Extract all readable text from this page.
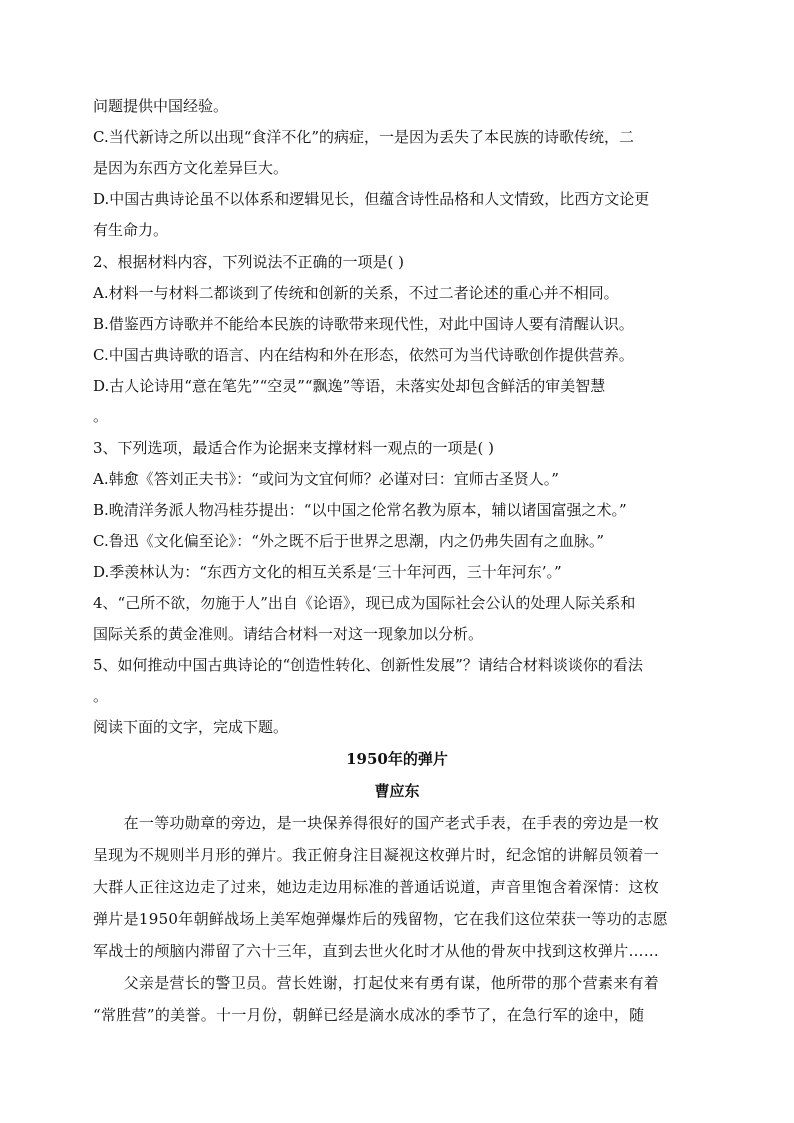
问题提供中国经验。
C.当代新诗之所以出现“食洋不化”的病症，一是因为丢失了本民族的诗歌传统，二
是因为东西方文化差异巨大。
D.中国古典诗论虽不以体系和逻辑见长，但蕴含诗性品格和人文情致，比西方文论更
有生命力。
2、根据材料内容，下列说法不正确的一项是( )
A.材料一与材料二都谈到了传统和创新的关系，不过二者论述的重心并不相同。
B.借鉴西方诗歌并不能给本民族的诗歌带来现代性，对此中国诗人要有清醒认识。
C.中国古典诗歌的语言、内在结构和外在形态，依然可为当代诗歌创作提供营养。
D.古人论诗用“意在笔先”“空灵”“飘逸”等语，未落实处却包含鲜活的审美智慧
。
3、下列选项，最适合作为论据来支撑材料一观点的一项是( )
A.韩愈《答刘正夫书》：“或问为文宜何师？必谨对曰：宜师古圣贤人。”
B.晚清洋务派人物冯桂芬提出：“以中国之伦常名教为原本，辅以诸国富强之术。”
C.鲁迅《文化偏至论》：“外之既不后于世界之思潮，内之仍弗失固有之血脉。”
D.季羡林认为：“东西方文化的相互关系是‘三十年河西，三十年河东’。”
4、“己所不欲，勿施于人”出自《论语》，现已成为国际社会公认的处理人际关系和
国际关系的黄金准则。请结合材料一对这一现象加以分析。
5、如何推动中国古典诗论的“创造性转化、创新性发展”？请结合材料谈谈你的看法
。
阅读下面的文字，完成下题。
1950年的弹片
曹应东
　　在一等功勋章的旁边，是一块保养得很好的国产老式手表，在手表的旁边是一枚
呈现为不规则半月形的弹片。我正俯身注目凝视这枚弹片时，纪念馆的讲解员领着一
大群人正往这边走了过来，她边走边用标准的普通话说道，声音里饱含着深情：这枚
弹片是1950年朝鲜战场上美军炮弹爆炸后的残留物，它在我们这位荣获一等功的志愿
军战士的颅脑内滞留了六十三年，直到去世火化时才从他的骨灰中找到这枚弹片……
　　父亲是营长的警卫员。营长姓谢，打起仗来有勇有谋，他所带的那个营素来有着
“常胜营”的美誉。十一月份，朝鲜已经是滴水成冰的季节了，在急行军的途中，随
